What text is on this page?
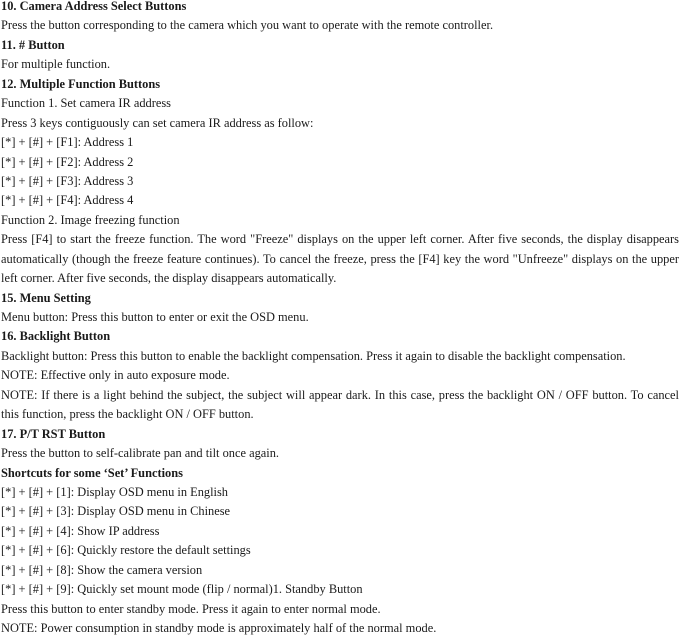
10. Camera Address Select Buttons
Press the button corresponding to the camera which you want to operate with the remote controller.
11. # Button
For multiple function.
12. Multiple Function Buttons
Function 1. Set camera IR address
Press 3 keys contiguously can set camera IR address as follow:
[*] + [#] + [F1]: Address 1
[*] + [#] + [F2]: Address 2
[*] + [#] + [F3]: Address 3
[*] + [#] + [F4]: Address 4
Function 2. Image freezing function

Press [F4] to start the freeze function. The word "Freeze" displays on the upper left corner. After five seconds, the display disappears automatically (though the freeze feature continues). To cancel the freeze, press the [F4] key the word "Unfreeze" displays on the upper left corner. After five seconds, the display disappears automatically.

15. Menu Setting
Menu button: Press this button to enter or exit the OSD menu.
16. Backlight Button
Backlight button: Press this button to enable the backlight compensation. Press it again to disable the backlight compensation.
NOTE: Effective only in auto exposure mode.

NOTE: If there is a light behind the subject, the subject will appear dark. In this case, press the backlight ON / OFF button. To cancel this function, press the backlight ON / OFF button.

17. P/T RST Button
Press the button to self-calibrate pan and tilt once again.
Shortcuts for some ‘Set’ Functions
[*] + [#] + [1]: Display OSD menu in English
[*] + [#] + [3]: Display OSD menu in Chinese
[*] + [#] + [4]: Show IP address
[*] + [#] + [6]: Quickly restore the default settings
[*] + [#] + [8]: Show the camera version
[*] + [#] + [9]: Quickly set mount mode (flip / normal)1. Standby Button
Press this button to enter standby mode. Press it again to enter normal mode.
NOTE: Power consumption in standby mode is approximately half of the normal mode.
